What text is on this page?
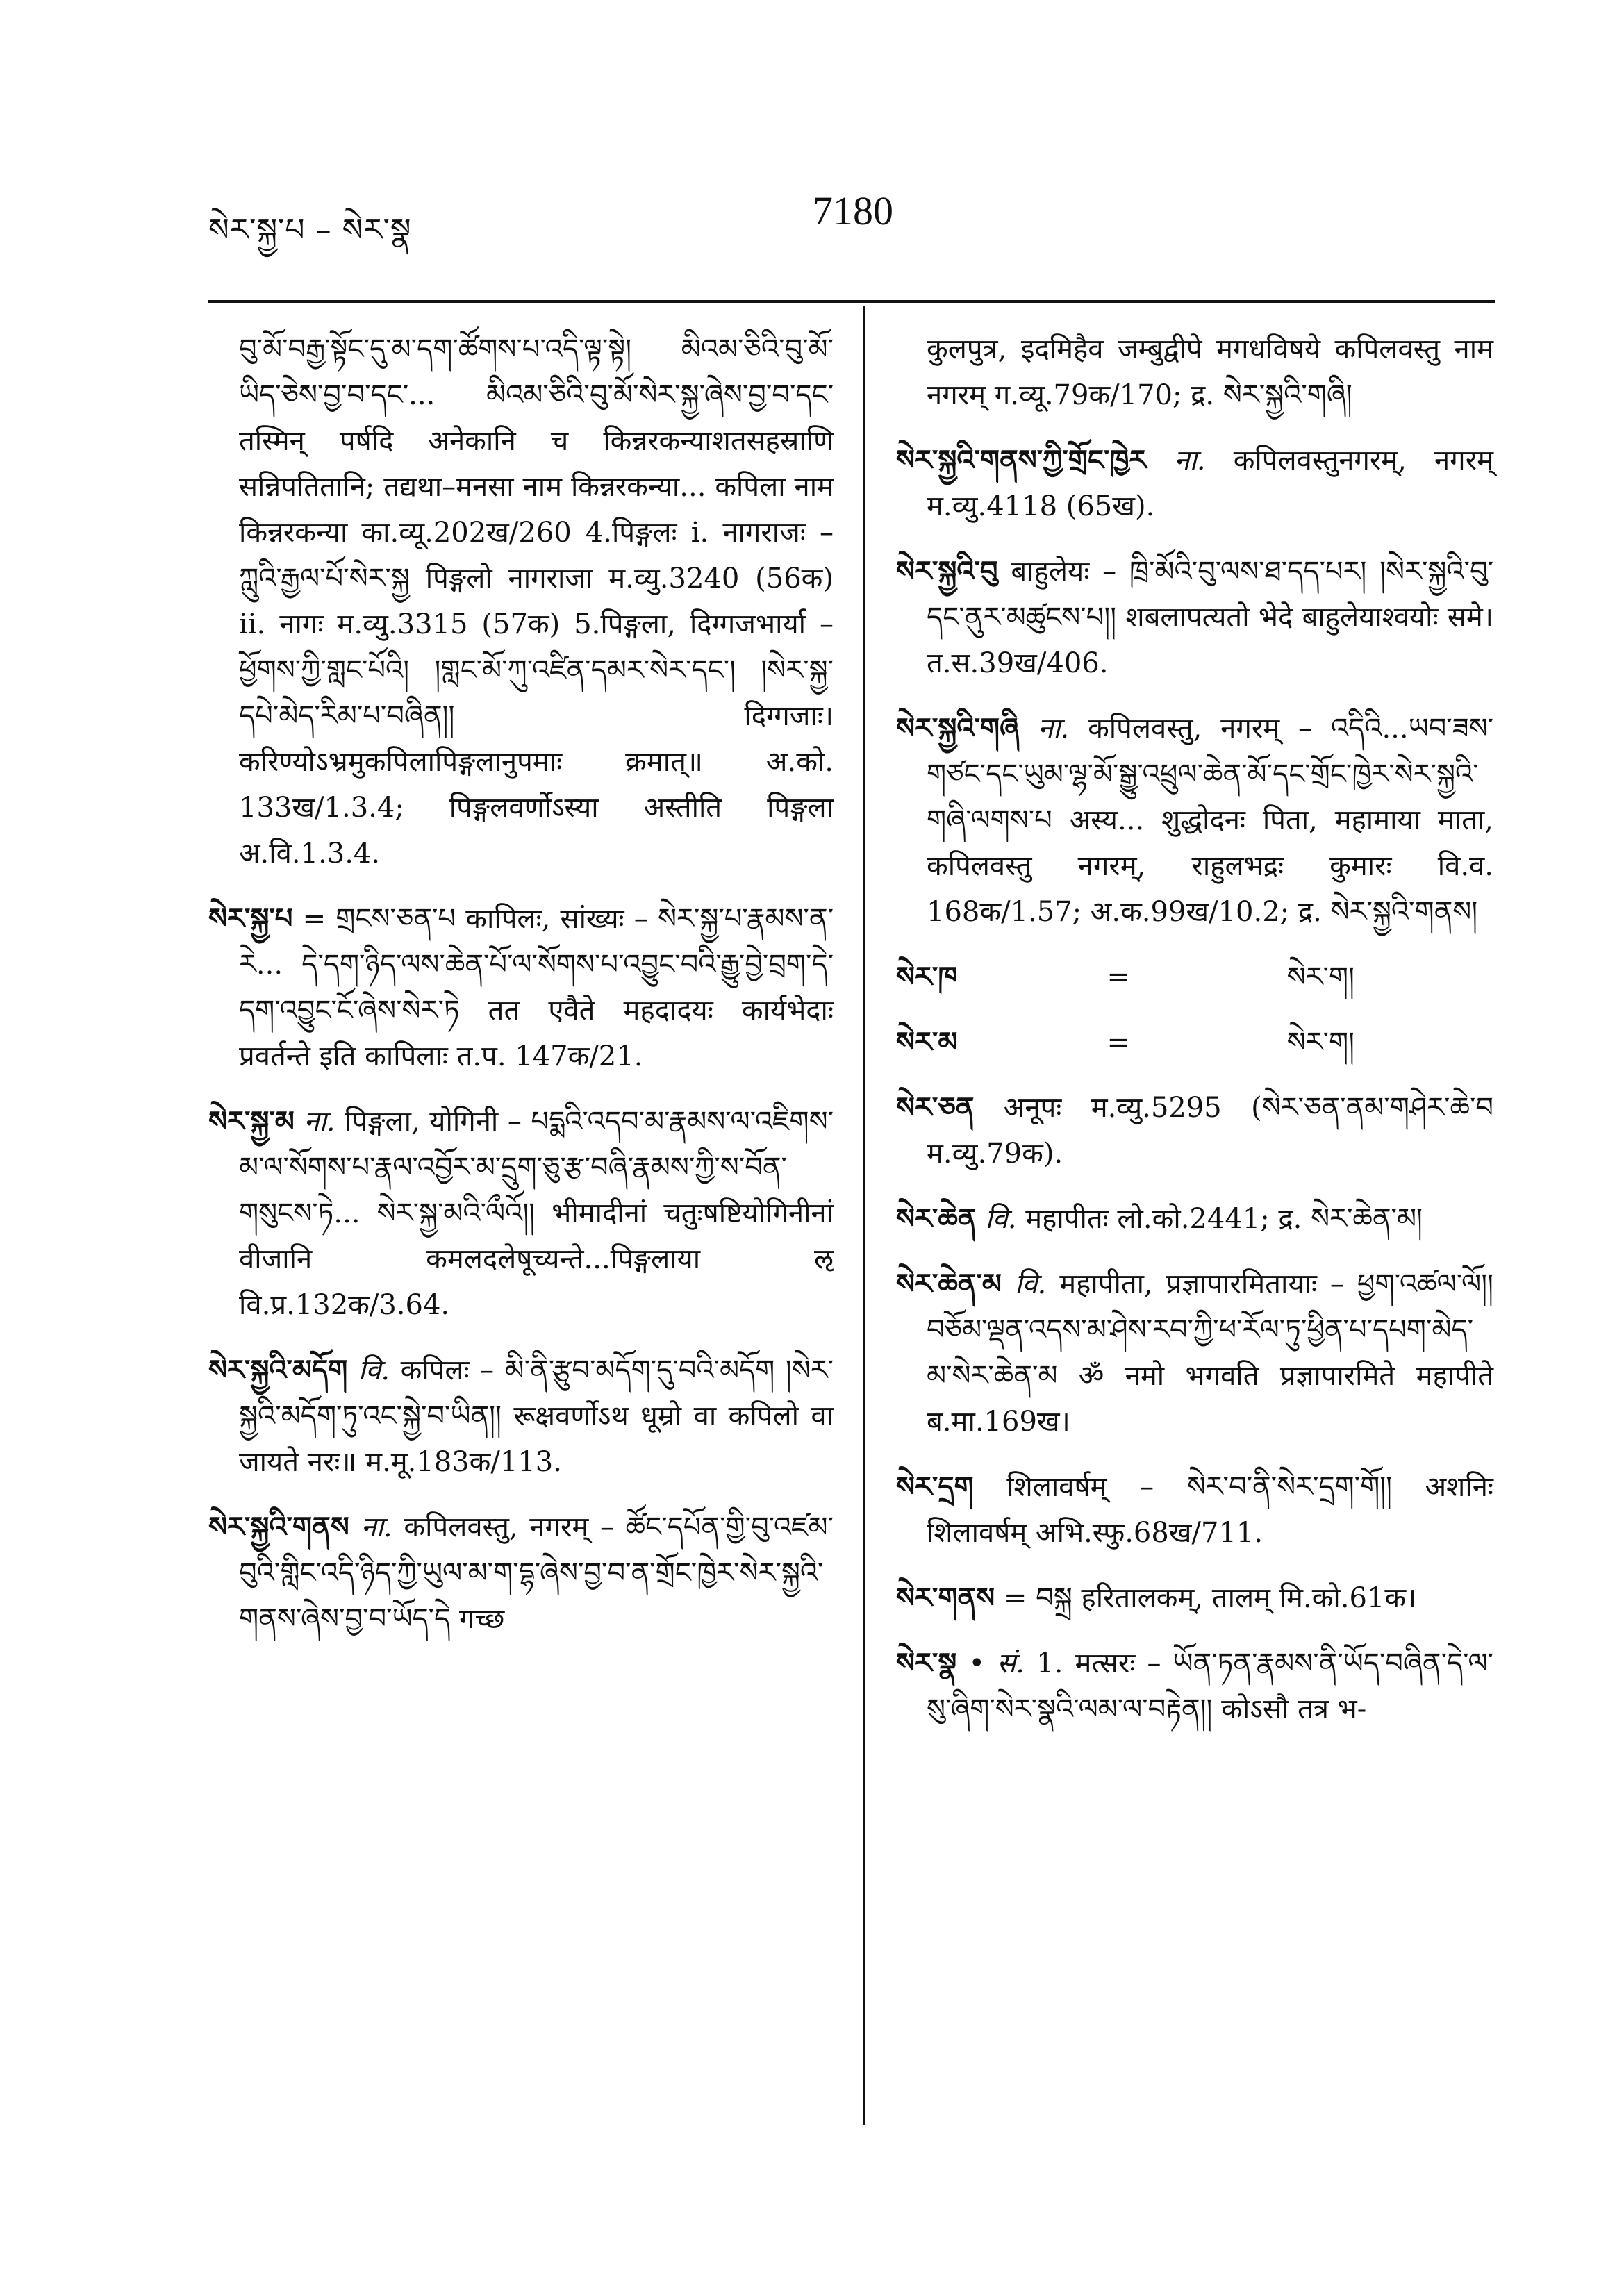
སེར་སྐྱ་པ – སེར་སྣ	7180
བུ་མོ་བརྒྱ་སྟོང་དུ་མ་དག་ཚོགས་པ་འདི་ལྟ་སྟེ། མིའམ་ཅིའི་བུ་མོ་ཡིད་ཅེས་བྱ་བ་དང་... མིའམ་ཅིའི་བུ་མོ་སེར་སྐྱ་ཞེས་བྱ་བ་དང་ तस्मिन् पर्षदि अनेकानि च किन्नरकन्याशतसहस्राणि सन्निपतितानि; तद्यथा–मनसा नाम किन्नरकन्या... कपिला नाम किन्नरकन्या का.व्यू.202ख/260 4.पिङ्गलः i. नागराजः – ཀླུའི་རྒྱལ་པོ་སེར་སྐྱ पिङ्गलो नागराजा म.व्यु.3240 (56क) ii. नागः म.व्यु.3315 (57क) 5.पिङ्गला, दिग्गजभार्या – ཕྱོགས་ཀྱི་གླང་པོའི། །གླང་མོ་ཀུ་འཛིན་དམར་སེར་དང་། །སེར་སྐྱ་དཔེ་མེད་རིམ་པ་བཞིན།། दिग्गजाः। करिण्योऽभ्रमुकपिलापिङ्गलानुपमाः क्रमात्॥ अ.को. 133ख/1.3.4; पिङ्गलवर्णोऽस्या अस्तीति पिङ्गला अ.वि.1.3.4.
སེར་སྐྱ་པ = གྲངས་ཅན་པ कापिलः, सांख्यः – སེར་སྐྱ་པ་རྣམས་ན་རེ... དེ་དག་ཉིད་ལས་ཆེན་པོ་ལ་སོགས་པ་འབྱུང་བའི་རྒྱུ་བྱེ་བྲག་དེ་དག་འབྱུང་ངོ་ཞེས་སེར་ཏེ तत एवैते महदादयः कार्यभेदाः प्रवर्तन्ते इति कापिलाः त.प. 147क/21.
སེར་སྐྱ་མ ना. पिङ्गला, योगिनी – པདྨའི་འདབ་མ་རྣམས་ལ་འཇིགས་མ་ལ་སོགས་པ་རྣལ་འབྱོར་མ་དྲུག་ཅུ་རྩ་བཞི་རྣམས་ཀྱི་ས་བོན་གསུངས་ཏེ... སེར་སྐྱ་མའི་ལྀའོ།། भीमादीनां चतुःषष्टियोगिनीनां वीजानि कमलदलेषूच्यन्ते...पिङ्गलाया ऌ वि.प्र.132क/3.64.
སེར་སྐྱའི་མདོག वि. कपिलः – མི་ནི་རྩུབ་མདོག་དུ་བའི་མདོག །སེར་སྐྱའི་མདོག་ཏུ་འང་སྐྱེ་བ་ཡིན།། रूक्षवर्णोऽथ धूम्रो वा कपिलो वा जायते नरः॥ म.मू.183क/113.
སེར་སྐྱའི་གནས ना. कपिलवस्तु, नगरम् – ཚོང་དཔོན་གྱི་བུ་འཛམ་བུའི་གླིང་འདི་ཉིད་ཀྱི་ཡུལ་མ་ག་དྷ་ཞེས་བྱ་བ་ན་གྲོང་ཁྱེར་སེར་སྐྱའི་གནས་ཞེས་བྱ་བ་ཡོད་དེ गच्छ
कुलपुत्र, इदमिहैव जम्बुद्वीपे मगधविषये कपिलवस्तु नाम नगरम् ग.व्यू.79क/170; द्र. སེར་སྐྱའི་གཞི།
སེར་སྐྱའི་གནས་ཀྱི་གྲོང་ཁྱེར ना. कपिलवस्तुनगरम्, नगरम् म.व्यु.4118 (65ख).
སེར་སྐྱའི་བུ बाहुलेयः – ཁྲི་མོའི་བུ་ལས་ཐ་དད་པར། །སེར་སྐྱའི་བུ་དང་ནུར་མཚུངས་པ།། शबलापत्यतो भेदे बाहुलेयाश्वयोः समे। त.स.39ख/406.
སེར་སྐྱའི་གཞི ना. कपिलवस्तु, नगरम् – འདིའི...ཡབ་ཟས་གཙང་དང་ཡུམ་ལྷ་མོ་སྒྱུ་འཕྲུལ་ཆེན་མོ་དང་གྲོང་ཁྱེར་སེར་སྐྱའི་གཞི་ལགས་པ अस्य... शुद्धोदनः पिता, महामाया माता, कपिलवस्तु नगरम्, राहुलभद्रः कुमारः वि.व. 168क/1.57; अ.क.99ख/10.2; द्र. སེར་སྐྱའི་གནས།
སེར་ཁ	=	སེར་ག།
སེར་མ	=	སེར་ག།
སེར་ཅན अनूपः म.व्यु.5295 (སེར་ཅན་ནམ་གཤེར་ཆེ་བ म.व्यु.79क).
སེར་ཆེན वि. महापीतः लो.को.2441; द्र. སེར་ཆེན་མ།
སེར་ཆེན་མ वि. महापीता, प्रज्ञापारमितायाः – ཕྱག་འཚལ་ལོ།། བཅོམ་ལྡན་འདས་མ་ཤེས་རབ་ཀྱི་ཕ་རོལ་ཏུ་ཕྱིན་པ་དཔག་མེད་མ་སེར་ཆེན་མ ॐ नमो भगवति प्रज्ञापारमिते महापीते ब.मा.169ख।
སེར་དྲག शिलावर्षम् – སེར་བ་ནི་སེར་དྲག་གོ།། अशनिः शिलावर्षम् अभि.स्फु.68ख/711.
སེར་གནས = བསྐྲ हरितालकम्, तालम् मि.को.61क।
སེར་སྣ • सं. 1. मत्सरः – ཡོན་ཏན་རྣམས་ནི་ཡོད་བཞིན་དེ་ལ་སུ་ཞིག་སེར་སྣའི་ལམ་ལ་བརྟེན།། कोऽसौ तत्र भ-
